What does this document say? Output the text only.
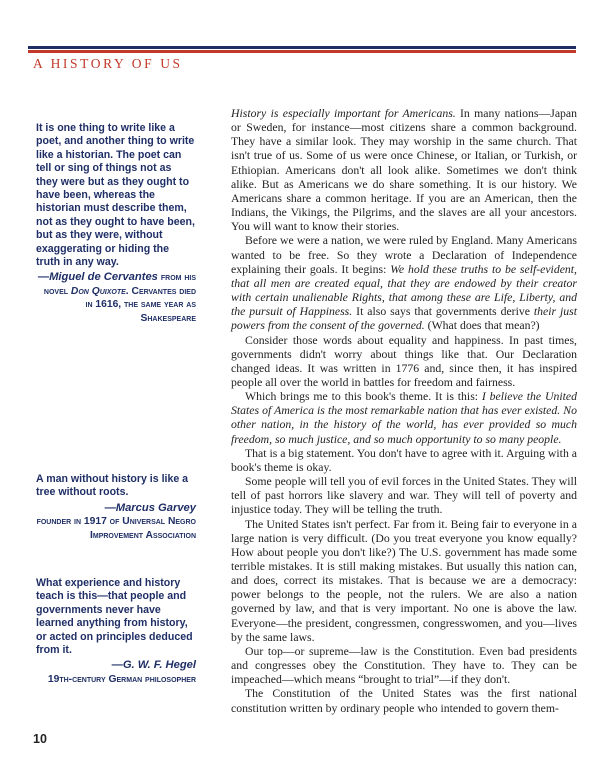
A HISTORY OF US

It is one thing to write like a poet, and another thing to write like a historian. The poet can tell or sing of things not as they were but as they ought to have been, whereas the historian must describe them, not as they ought to have been, but as they were, without exaggerating or hiding the truth in any way.

—Miguel de Cervantes from his novel Don Quixote. Cervantes died in 1616, the same year as Shakespeare

A man without history is like a tree without roots.

—Marcus Garvey
founder in 1917 of Universal Negro Improvement Association

What experience and history teach is this—that people and governments never have learned anything from history, or acted on principles deduced from it.

—G. W. F. Hegel
19th-century German philosopher

History is especially important for Americans. In many nations—Japan or Sweden, for instance—most citizens share a common background. They have a similar look. They may worship in the same church. That isn't true of us. Some of us were once Chinese, or Italian, or Turkish, or Ethiopian. Americans don't all look alike. Sometimes we don't think alike. But as Americans we do share something. It is our history. We Americans share a common heritage. If you are an American, then the Indians, the Vikings, the Pilgrims, and the slaves are all your ancestors. You will want to know their stories.

Before we were a nation, we were ruled by England. Many Americans wanted to be free. So they wrote a Declaration of Independence explaining their goals. It begins: We hold these truths to be self-evident, that all men are created equal, that they are endowed by their creator with certain unalienable Rights, that among these are Life, Liberty, and the pursuit of Happiness. It also says that governments derive their just powers from the consent of the governed. (What does that mean?)

Consider those words about equality and happiness. In past times, governments didn't worry about things like that. Our Declaration changed ideas. It was written in 1776 and, since then, it has inspired people all over the world in battles for freedom and fairness.

Which brings me to this book's theme. It is this: I believe the United States of America is the most remarkable nation that has ever existed. No other nation, in the history of the world, has ever provided so much freedom, so much justice, and so much opportunity to so many people.

That is a big statement. You don't have to agree with it. Arguing with a book's theme is okay.

Some people will tell you of evil forces in the United States. They will tell of past horrors like slavery and war. They will tell of poverty and injustice today. They will be telling the truth.

The United States isn't perfect. Far from it. Being fair to everyone in a large nation is very difficult. (Do you treat everyone you know equally? How about people you don't like?) The U.S. government has made some terrible mistakes. It is still making mistakes. But usually this nation can, and does, correct its mistakes. That is because we are a democracy: power belongs to the people, not the rulers. We are also a nation governed by law, and that is very important. No one is above the law. Everyone—the president, congressmen, congresswomen, and you—lives by the same laws.

Our top—or supreme—law is the Constitution. Even bad presidents and congresses obey the Constitution. They have to. They can be impeached—which means “brought to trial”—if they don't.

The Constitution of the United States was the first national constitution written by ordinary people who intended to govern them-

10
